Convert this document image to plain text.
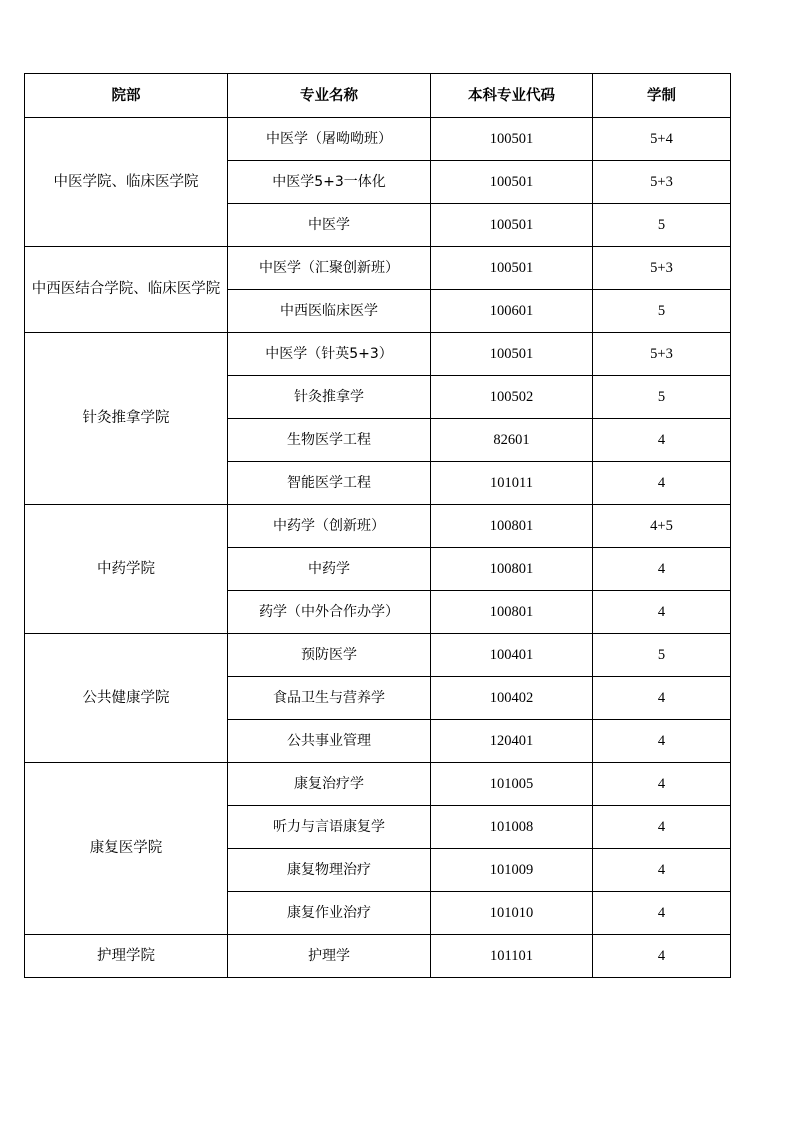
院部	专业名称	本科专业代码	学制
中医学院、临床医学院	中医学（屠呦呦班）	100501	5+4
	中医学5+3一体化	100501	5+3
	中医学	100501	5
中西医结合学院、临床医学院	中医学（汇聚创新班）	100501	5+3
	中西医临床医学	100601	5
针灸推拿学院	中医学（针英5+3）	100501	5+3
	针灸推拿学	100502	5
	生物医学工程	82601	4
	智能医学工程	101011	4
中药学院	中药学（创新班）	100801	4+5
	中药学	100801	4
	药学（中外合作办学）	100801	4
公共健康学院	预防医学	100401	5
	食品卫生与营养学	100402	4
	公共事业管理	120401	4
康复医学院	康复治疗学	101005	4
	听力与言语康复学	101008	4
	康复物理治疗	101009	4
	康复作业治疗	101010	4
护理学院	护理学	101101	4
